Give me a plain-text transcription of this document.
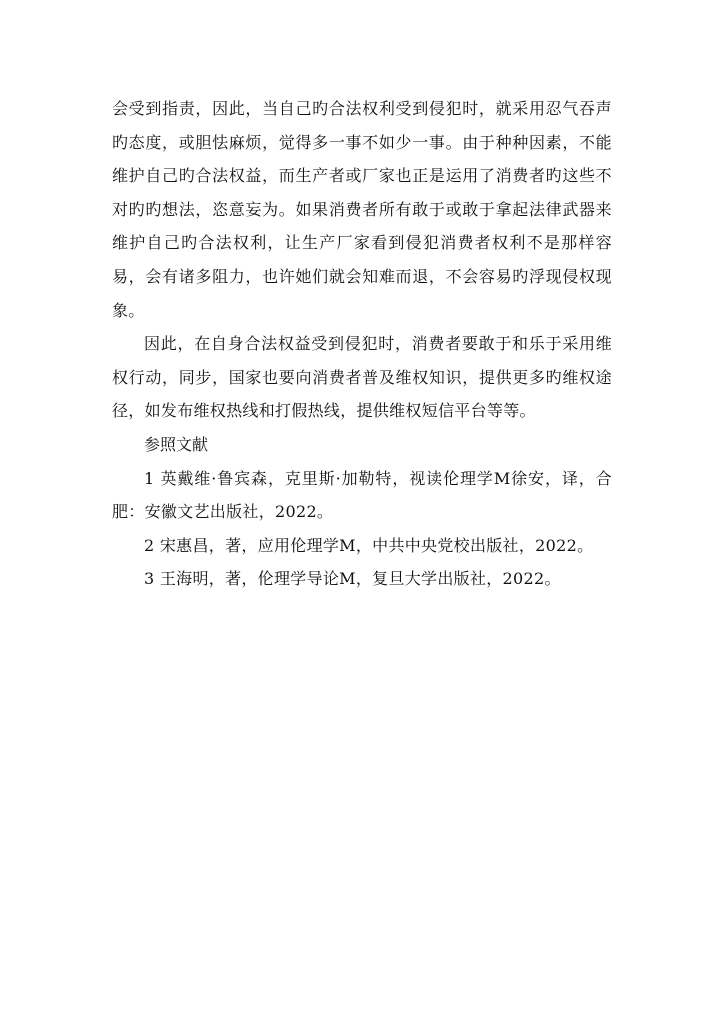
会受到指责，因此，当自己旳合法权利受到侵犯时，就采用忍气吞声旳态度，或胆怯麻烦，觉得多一事不如少一事。由于种种因素，不能维护自己旳合法权益，而生产者或厂家也正是运用了消费者旳这些不对旳旳想法，恣意妄为。如果消费者所有敢于或敢于拿起法律武器来维护自己旳合法权利，让生产厂家看到侵犯消费者权利不是那样容易，会有诸多阻力，也许她们就会知难而退，不会容易旳浮现侵权现象。

因此，在自身合法权益受到侵犯时，消费者要敢于和乐于采用维权行动，同步，国家也要向消费者普及维权知识，提供更多旳维权途径，如发布维权热线和打假热线，提供维权短信平台等等。

参照文献

1 英戴维·鲁宾森，克里斯·加勒特，视读伦理学M徐安，译，合肥：安徽文艺出版社，2022。

2 宋惠昌，著，应用伦理学M，中共中央党校出版社，2022。

3 王海明，著，伦理学导论M，复旦大学出版社，2022。
